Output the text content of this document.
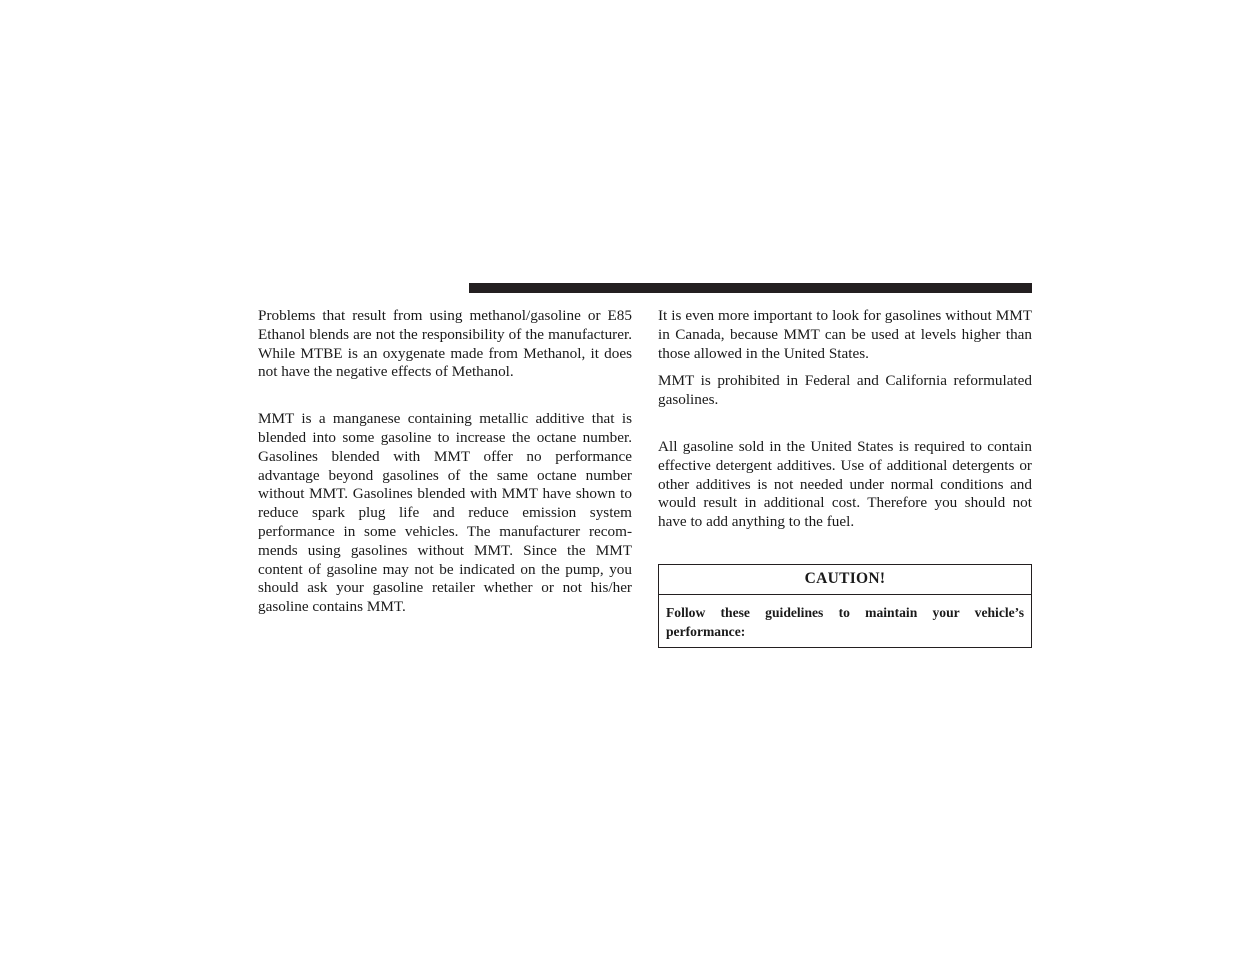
Problems that result from using methanol/gasoline or E85 Ethanol blends are not the responsibility of the manufacturer. While MTBE is an oxygenate made from Methanol, it does not have the negative effects of Methanol.

MMT is a manganese containing metallic additive that is blended into some gasoline to increase the octane number. Gasolines blended with MMT offer no performance advantage beyond gasolines of the same octane number without MMT. Gasolines blended with MMT have shown to reduce spark plug life and reduce emission system performance in some vehicles. The manufacturer recommends using gasolines without MMT. Since the MMT content of gasoline may not be indicated on the pump, you should ask your gasoline retailer whether or not his/her gasoline contains MMT.

It is even more important to look for gasolines without MMT in Canada, because MMT can be used at levels higher than those allowed in the United States.

MMT is prohibited in Federal and California reformulated gasolines.

All gasoline sold in the United States is required to contain effective detergent additives. Use of additional detergents or other additives is not needed under normal conditions and would result in additional cost. Therefore you should not have to add anything to the fuel.

CAUTION!
Follow these guidelines to maintain your vehicle’s performance:
